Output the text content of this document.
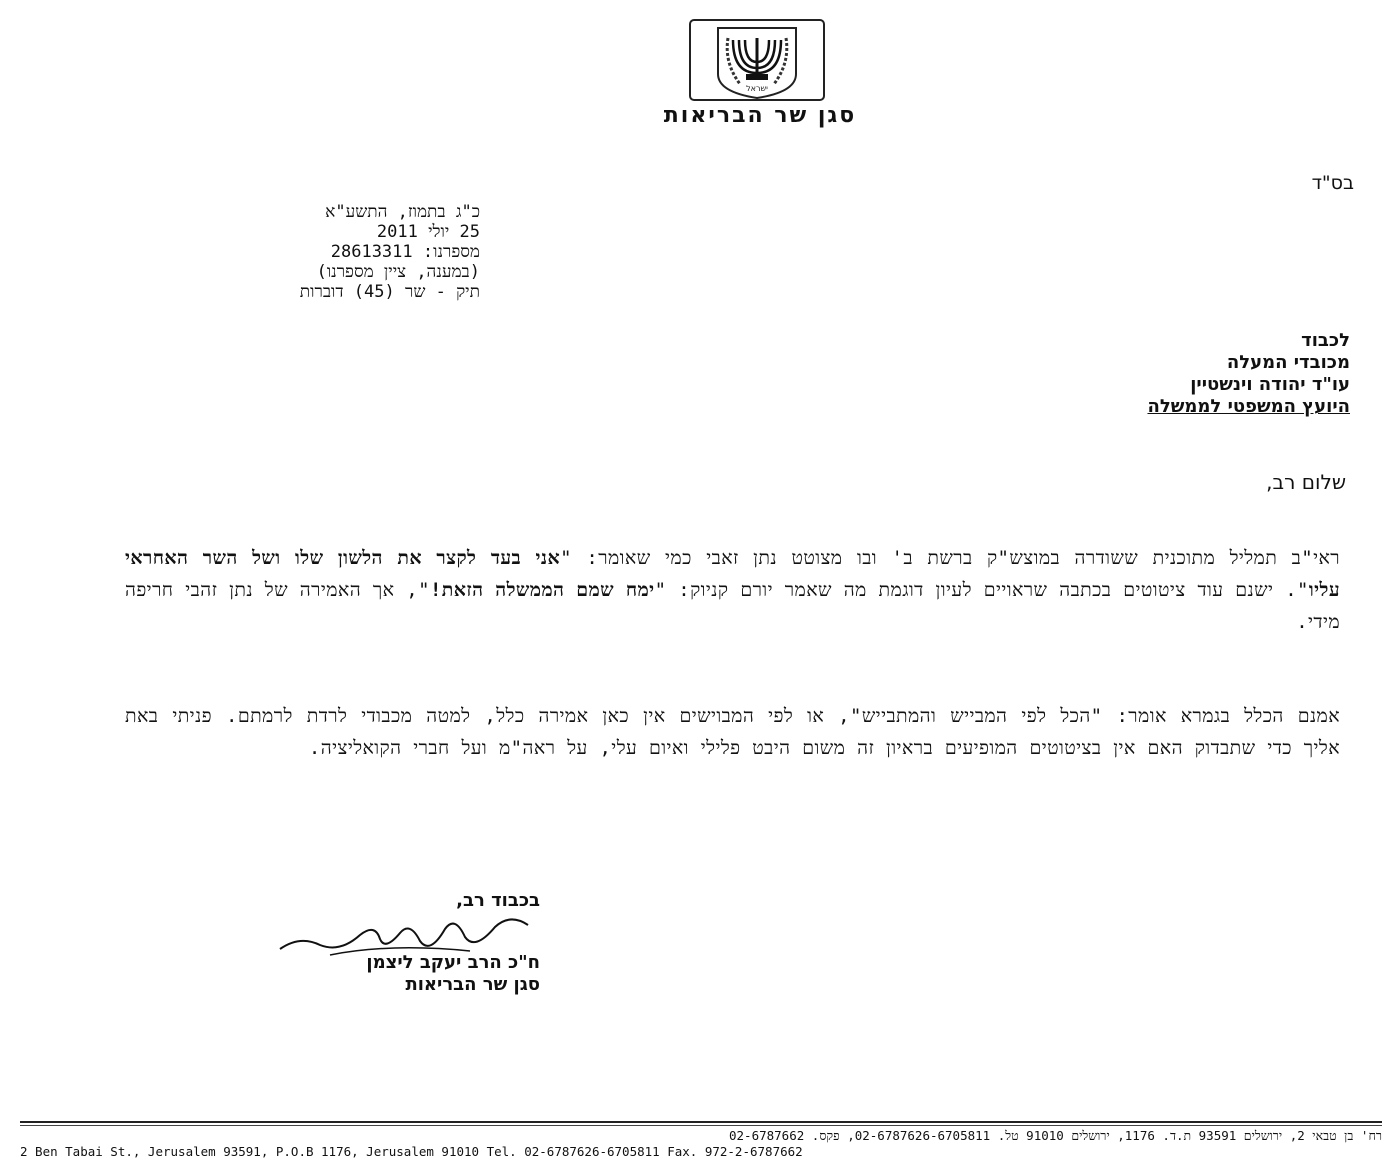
ישראל
סגן שר הבריאות
בס"ד
כ"ג בתמוז, התשע"א
25 יולי 2011
מספרנו: 28613311
(במענה, ציין מספרנו)
תיק - שר (45) דוברות
לכבוד
מכובדי המעלה
עו"ד יהודה וינשטיין
היועץ המשפטי לממשלה
שלום רב,
ראי"ב תמליל מתוכנית ששודרה במוצש"ק ברשת ב' ובו מצוטט נתן זאבי כמי שאומר: "אני בעד לקצר את הלשון שלו ושל השר האחראי עליו". ישנם עוד ציטוטים בכתבה שראויים לעיון דוגמת מה שאמר יורם קניוק: "ימח שמם הממשלה הזאת!", אך האמירה של נתן זהבי חריפה מידי.
אמנם הכלל בגמרא אומר: "הכל לפי המבייש והמתבייש", או לפי המבוישים אין כאן אמירה כלל, למטה מכבודי לרדת לרמתם. פניתי באת אליך כדי שתבדוק האם אין בציטוטים המופיעים בראיון זה משום היבט פלילי ואיום עלי, על ראה"מ ועל חברי הקואליציה.
בכבוד רב,
ח"כ הרב יעקב ליצמן
סגן שר הבריאות
רח' בן טבאי 2, ירושלים 93591 ת.ד. 1176, ירושלים 91010 טל. 02-6787626-6705811, פקס. 02-6787662
2 Ben Tabai St., Jerusalem 93591, P.O.B 1176, Jerusalem 91010 Tel. 02-6787626-6705811 Fax. 972-2-6787662
